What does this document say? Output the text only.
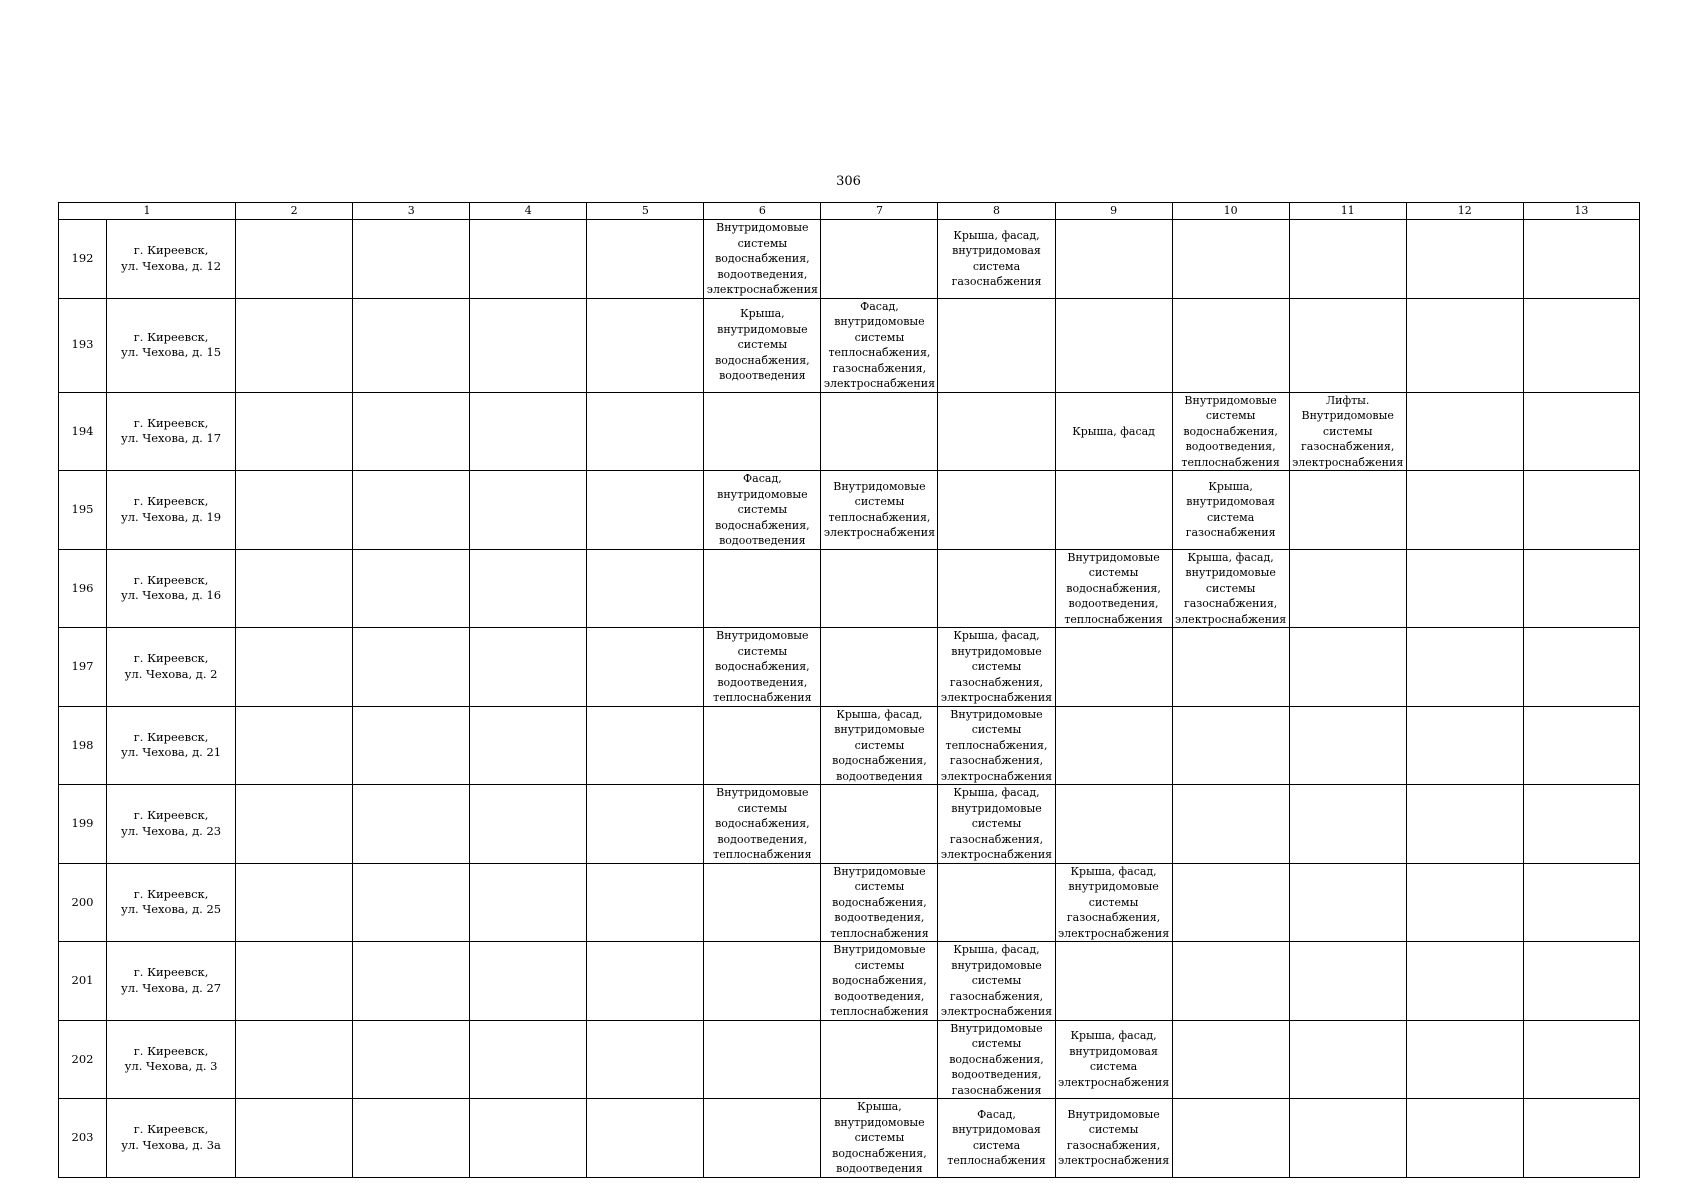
306
1		2	3	4	5	6	7	8	9	10	11	12	13
192	г. Киреевск,
ул. Чехова, д. 12					Внутридомовые системы водоснабжения, водоотведения, электроснабжения		Крыша, фасад, внутридомовая система газоснабжения					

193	г. Киреевск,
ул. Чехова, д. 15					Крыша, внутридомовые системы водоснабжения, водоотведения	Фасад, внутридомовые системы теплоснабжения, газоснабжения, электроснабжения						

194	г. Киреевск,
ул. Чехова, д. 17								Крыша, фасад	Внутридомовые системы водоснабжения, водоотведения, теплоснабжения	Лифты. Внутридомовые системы газоснабжения, электроснабжения		

195	г. Киреевск,
ул. Чехова, д. 19					Фасад, внутридомовые системы водоснабжения, водоотведения	Внутридомовые системы теплоснабжения, электроснабжения			Крыша, внутридомовая система газоснабжения			

196	г. Киреевск,
ул. Чехова, д. 16								Внутридомовые системы водоснабжения, водоотведения, теплоснабжения	Крыша, фасад, внутридомовые системы газоснабжения, электроснабжения			

197	г. Киреевск,
ул. Чехова, д. 2					Внутридомовые системы водоснабжения, водоотведения, теплоснабжения		Крыша, фасад, внутридомовые системы газоснабжения, электроснабжения					

198	г. Киреевск,
ул. Чехова, д. 21						Крыша, фасад, внутридомовые системы водоснабжения, водоотведения	Внутридомовые системы теплоснабжения, газоснабжения, электроснабжения					

199	г. Киреевск,
ул. Чехова, д. 23					Внутридомовые системы водоснабжения, водоотведения, теплоснабжения		Крыша, фасад, внутридомовые системы газоснабжения, электроснабжения					

200	г. Киреевск,
ул. Чехова, д. 25						Внутридомовые системы водоснабжения, водоотведения, теплоснабжения		Крыша, фасад, внутридомовые системы газоснабжения, электроснабжения				

201	г. Киреевск,
ул. Чехова, д. 27						Внутридомовые системы водоснабжения, водоотведения, теплоснабжения	Крыша, фасад, внутридомовые системы газоснабжения, электроснабжения					

202	г. Киреевск,
ул. Чехова, д. 3							Внутридомовые системы водоснабжения, водоотведения, газоснабжения	Крыша, фасад, внутридомовая система электроснабжения				

203	г. Киреевск,
ул. Чехова, д. 3а						Крыша, внутридомовые системы водоснабжения, водоотведения	Фасад, внутридомовая система теплоснабжения	Внутридомовые системы газоснабжения, электроснабжения				
